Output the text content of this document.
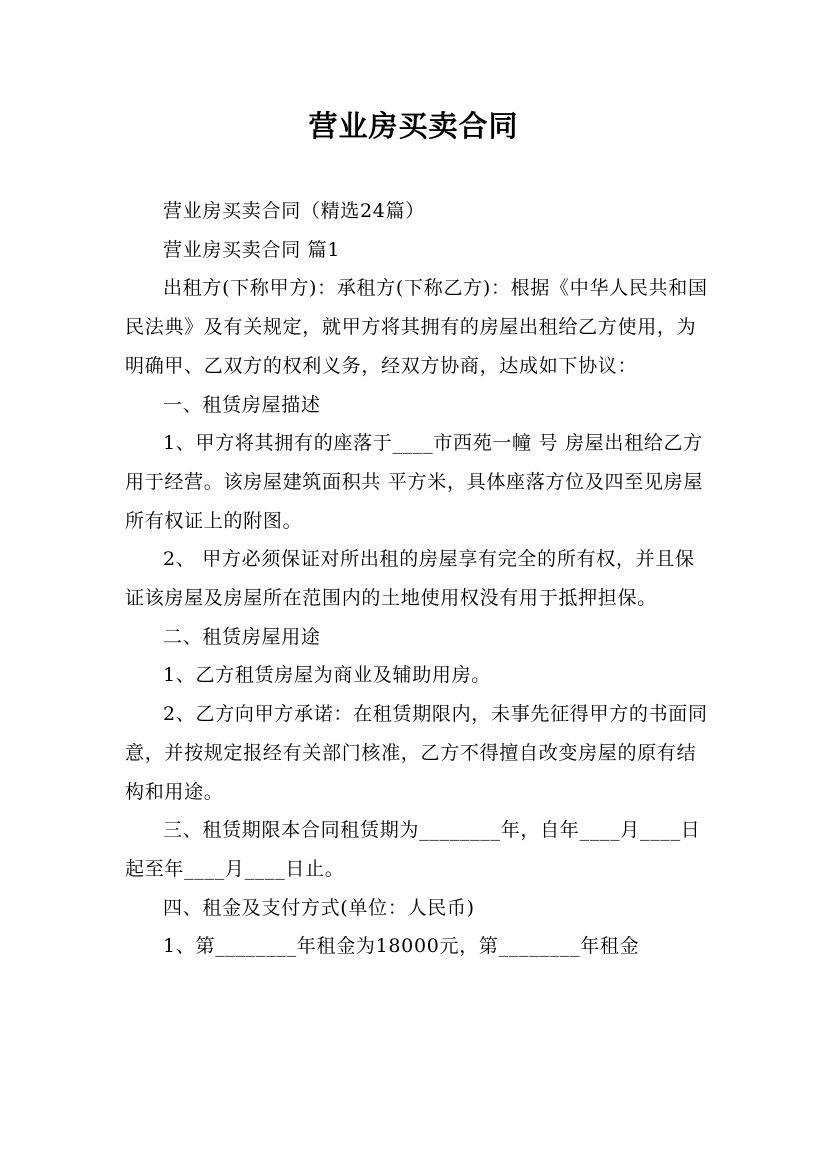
营业房买卖合同

营业房买卖合同（精选24篇）

营业房买卖合同 篇1

出租方(下称甲方)：承租方(下称乙方)：根据《中华人民共和国民法典》及有关规定，就甲方将其拥有的房屋出租给乙方使用，为明确甲、乙双方的权利义务，经双方协商，达成如下协议：

一、租赁房屋描述

1、甲方将其拥有的座落于____市西苑一幢 号 房屋出租给乙方用于经营。该房屋建筑面积共 平方米，具体座落方位及四至见房屋所有权证上的附图。

2、 甲方必须保证对所出租的房屋享有完全的所有权，并且保证该房屋及房屋所在范围内的土地使用权没有用于抵押担保。

二、租赁房屋用途

1、乙方租赁房屋为商业及辅助用房。

2、乙方向甲方承诺：在租赁期限内，未事先征得甲方的书面同意，并按规定报经有关部门核准，乙方不得擅自改变房屋的原有结构和用途。

三、租赁期限本合同租赁期为________年，自年____月____日起至年____月____日止。

四、租金及支付方式(单位：人民币)

1、第________年租金为18000元，第________年租金
